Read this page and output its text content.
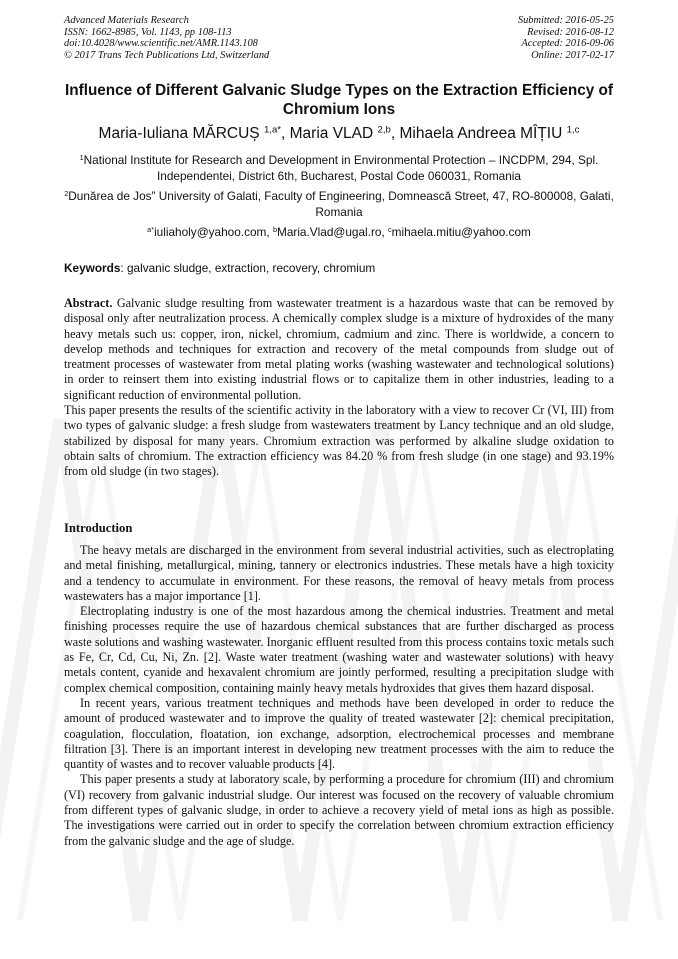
Advanced Materials Research
ISSN: 1662-8985, Vol. 1143, pp 108-113
doi:10.4028/www.scientific.net/AMR.1143.108
© 2017 Trans Tech Publications Ltd, Switzerland
Submitted: 2016-05-25
Revised: 2016-08-12
Accepted: 2016-09-06
Online: 2017-02-17
Influence of Different Galvanic Sludge Types on the Extraction Efficiency of Chromium Ions
Maria-Iuliana MĂRCUȘ $^{1,a*}$, Maria VLAD $^{2,b}$, Mihaela Andreea MÎȚIU $^{1,c}$
$^1$National Institute for Research and Development in Environmental Protection – INCDPM, 294, Spl. Independentei, District 6th, Bucharest, Postal Code 060031, Romania
$^2$Dunărea de Jos” University of Galati, Faculty of Engineering, Domnească Street, 47, RO-800008, Galati, Romania
$^{a*}$iuliaholy@yahoo.com, $^b$Maria.Vlad@ugal.ro, $^c$mihaela.mitiu@yahoo.com
Keywords: galvanic sludge, extraction, recovery, chromium

Abstract. Galvanic sludge resulting from wastewater treatment is a hazardous waste that can be removed by disposal only after neutralization process. A chemically complex sludge is a mixture of hydroxides of the many heavy metals such us: copper, iron, nickel, chromium, cadmium and zinc. There is worldwide, a concern to develop methods and techniques for extraction and recovery of the metal compounds from sludge out of treatment processes of wastewater from metal plating works (washing wastewater and technological solutions) in order to reinsert them into existing industrial flows or to capitalize them in other industries, leading to a significant reduction of environmental pollution.

This paper presents the results of the scientific activity in the laboratory with a view to recover Cr (VI, III) from two types of galvanic sludge: a fresh sludge from wastewaters treatment by Lancy technique and an old sludge, stabilized by disposal for many years. Chromium extraction was performed by alkaline sludge oxidation to obtain salts of chromium. The extraction efficiency was 84.20 % from fresh sludge (in one stage) and 93.19% from old sludge (in two stages).

Introduction

The heavy metals are discharged in the environment from several industrial activities, such as electroplating and metal finishing, metallurgical, mining, tannery or electronics industries. These metals have a high toxicity and a tendency to accumulate in environment. For these reasons, the removal of heavy metals from process wastewaters has a major importance [1].

Electroplating industry is one of the most hazardous among the chemical industries. Treatment and metal finishing processes require the use of hazardous chemical substances that are further discharged as process waste solutions and washing wastewater. Inorganic effluent resulted from this process contains toxic metals such as Fe, Cr, Cd, Cu, Ni, Zn. [2]. Waste water treatment (washing water and wastewater solutions) with heavy metals content, cyanide and hexavalent chromium are jointly performed, resulting a precipitation sludge with complex chemical composition, containing mainly heavy metals hydroxides that gives them hazard disposal.

In recent years, various treatment techniques and methods have been developed in order to reduce the amount of produced wastewater and to improve the quality of treated wastewater [2]: chemical precipitation, coagulation, flocculation, floatation, ion exchange, adsorption, electrochemical processes and membrane filtration [3]. There is an important interest in developing new treatment processes with the aim to reduce the quantity of wastes and to recover valuable products [4].

This paper presents a study at laboratory scale, by performing a procedure for chromium (III) and chromium (VI) recovery from galvanic industrial sludge. Our interest was focused on the recovery of valuable chromium from different types of galvanic sludge, in order to achieve a recovery yield of metal ions as high as possible. The investigations were carried out in order to specify the correlation between chromium extraction efficiency from the galvanic sludge and the age of sludge.
